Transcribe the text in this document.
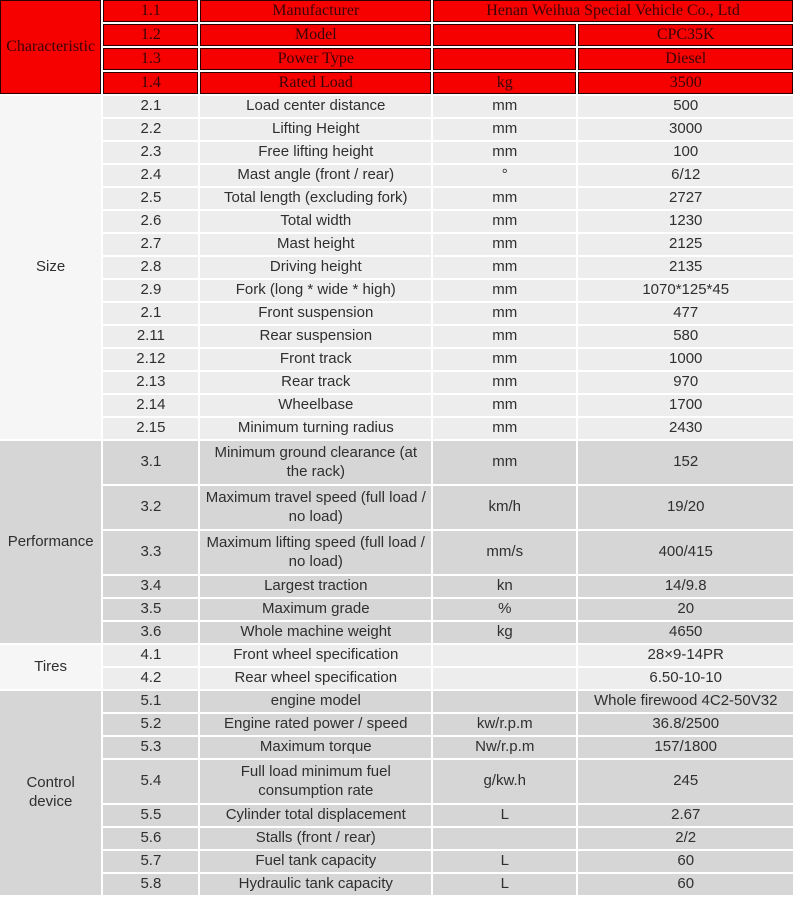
Characteristic	1.1	Manufacturer	Henan Weihua Special Vehicle Co., Ltd	
	1.2	Model		CPC35K
	1.3	Power Type		Diesel
	1.4	Rated Load	kg	3500
Size	2.1	Load center distance	mm	500
	2.2	Lifting Height	mm	3000
	2.3	Free lifting height	mm	100
	2.4	Mast angle (front / rear)	°	6/12
	2.5	Total length (excluding fork)	mm	2727
	2.6	Total width	mm	1230
	2.7	Mast height	mm	2125
	2.8	Driving height	mm	2135
	2.9	Fork (long * wide * high)	mm	1070*125*45
	2.1	Front suspension	mm	477
	2.11	Rear suspension	mm	580
	2.12	Front track	mm	1000
	2.13	Rear track	mm	970
	2.14	Wheelbase	mm	1700
	2.15	Minimum turning radius	mm	2430
Performance	3.1	Minimum ground clearance (at the rack)	mm	152
	3.2	Maximum travel speed (full load / no load)	km/h	19/20
	3.3	Maximum lifting speed (full load / no load)	mm/s	400/415
	3.4	Largest traction	kn	14/9.8
	3.5	Maximum grade	%	20
	3.6	Whole machine weight	kg	4650
Tires	4.1	Front wheel specification		28×9-14PR
	4.2	Rear wheel specification		6.50-10-10
Control device	5.1	engine model		Whole firewood 4C2-50V32
	5.2	Engine rated power / speed	kw/r.p.m	36.8/2500
	5.3	Maximum torque	Nw/r.p.m	157/1800
	5.4	Full load minimum fuel consumption rate	g/kw.h	245
	5.5	Cylinder total displacement	L	2.67
	5.6	Stalls (front / rear)		2/2
	5.7	Fuel tank capacity	L	60
	5.8	Hydraulic tank capacity	L	60
